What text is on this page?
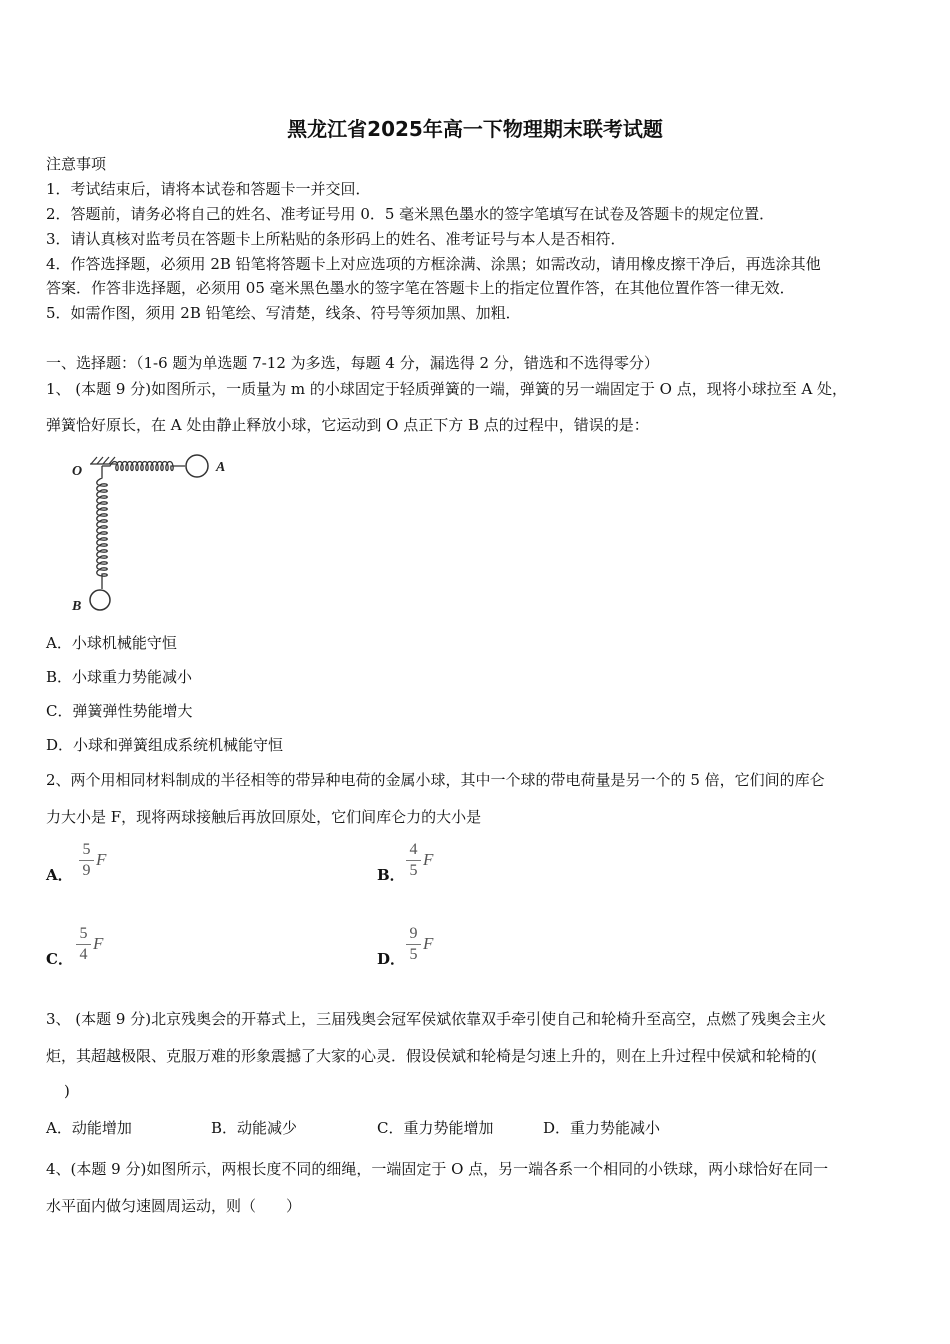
黑龙江省2025年高一下物理期末联考试题
注意事项
1．考试结束后，请将本试卷和答题卡一并交回．
2．答题前，请务必将自己的姓名、准考证号用 0．5 毫米黑色墨水的签字笔填写在试卷及答题卡的规定位置．
3．请认真核对监考员在答题卡上所粘贴的条形码上的姓名、准考证号与本人是否相符．
4．作答选择题，必须用 2B 铅笔将答题卡上对应选项的方框涂满、涂黑；如需改动，请用橡皮擦干净后，再选涂其他
答案．作答非选择题，必须用 05 毫米黑色墨水的签字笔在答题卡上的指定位置作答，在其他位置作答一律无效．
5．如需作图，须用 2B 铅笔绘、写清楚，线条、符号等须加黑、加粗．
一、选择题：（1-6 题为单选题 7-12 为多选，每题 4 分，漏选得 2 分，错选和不选得零分）
1、 (本题 9 分)如图所示，一质量为 m 的小球固定于轻质弹簧的一端，弹簧的另一端固定于 O 点，现将小球拉至 A 处，
弹簧恰好原长，在 A 处由静止释放小球，它运动到 O 点正下方 B 点的过程中，错误的是：
O	A
B
A．小球机械能守恒
B．小球重力势能减小
C．弹簧弹性势能增大
D．小球和弹簧组成系统机械能守恒
2、两个用相同材料制成的半径相等的带异种电荷的金属小球，其中一个球的带电荷量是另一个的 5 倍，它们间的库仑
力大小是 F，现将两球接触后再放回原处，它们间库仑力的大小是
A．
5
9
F
B．
4
5
F
C．
5
4
F
D．
9
5
F
3、 (本题 9 分)北京残奥会的开幕式上，三届残奥会冠军侯斌依靠双手牵引使自己和轮椅升至高空，点燃了残奥会主火
炬，其超越极限、克服万难的形象震撼了大家的心灵．假设侯斌和轮椅是匀速上升的，则在上升过程中侯斌和轮椅的(
)
A．动能增加	B．动能减少	C．重力势能增加	D．重力势能减小
4、(本题 9 分)如图所示，两根长度不同的细绳，一端固定于 O 点，另一端各系一个相同的小铁球，两小球恰好在同一
水平面内做匀速圆周运动，则（　　）
